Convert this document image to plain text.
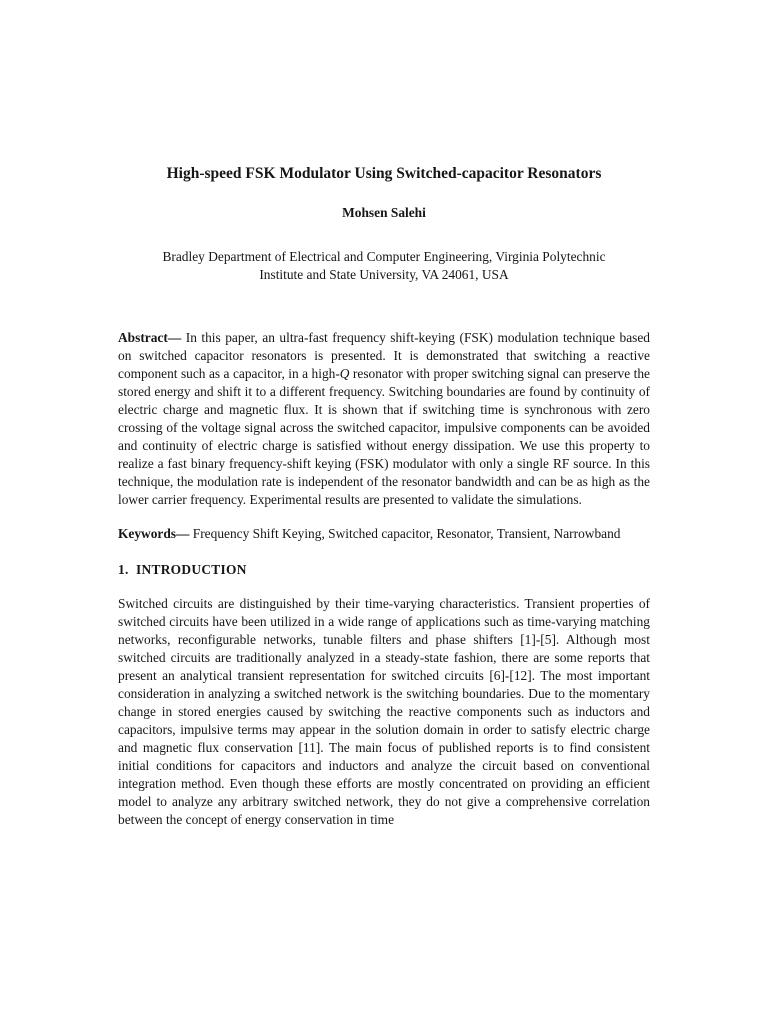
High-speed FSK Modulator Using Switched-capacitor Resonators

Mohsen Salehi

Bradley Department of Electrical and Computer Engineering, Virginia Polytechnic
Institute and State University, VA 24061, USA

Abstract— In this paper, an ultra-fast frequency shift-keying (FSK) modulation technique based on switched capacitor resonators is presented. It is demonstrated that switching a reactive component such as a capacitor, in a high-Q resonator with proper switching signal can preserve the stored energy and shift it to a different frequency. Switching boundaries are found by continuity of electric charge and magnetic flux. It is shown that if switching time is synchronous with zero crossing of the voltage signal across the switched capacitor, impulsive components can be avoided and continuity of electric charge is satisfied without energy dissipation. We use this property to realize a fast binary frequency-shift keying (FSK) modulator with only a single RF source. In this technique, the modulation rate is independent of the resonator bandwidth and can be as high as the lower carrier frequency. Experimental results are presented to validate the simulations.

Keywords— Frequency Shift Keying, Switched capacitor, Resonator, Transient, Narrowband

1. INTRODUCTION

Switched circuits are distinguished by their time-varying characteristics. Transient properties of switched circuits have been utilized in a wide range of applications such as time-varying matching networks, reconfigurable networks, tunable filters and phase shifters [1]-[5]. Although most switched circuits are traditionally analyzed in a steady-state fashion, there are some reports that present an analytical transient representation for switched circuits [6]-[12]. The most important consideration in analyzing a switched network is the switching boundaries. Due to the momentary change in stored energies caused by switching the reactive components such as inductors and capacitors, impulsive terms may appear in the solution domain in order to satisfy electric charge and magnetic flux conservation [11]. The main focus of published reports is to find consistent initial conditions for capacitors and inductors and analyze the circuit based on conventional integration method. Even though these efforts are mostly concentrated on providing an efficient model to analyze any arbitrary switched network, they do not give a comprehensive correlation between the concept of energy conservation in time
